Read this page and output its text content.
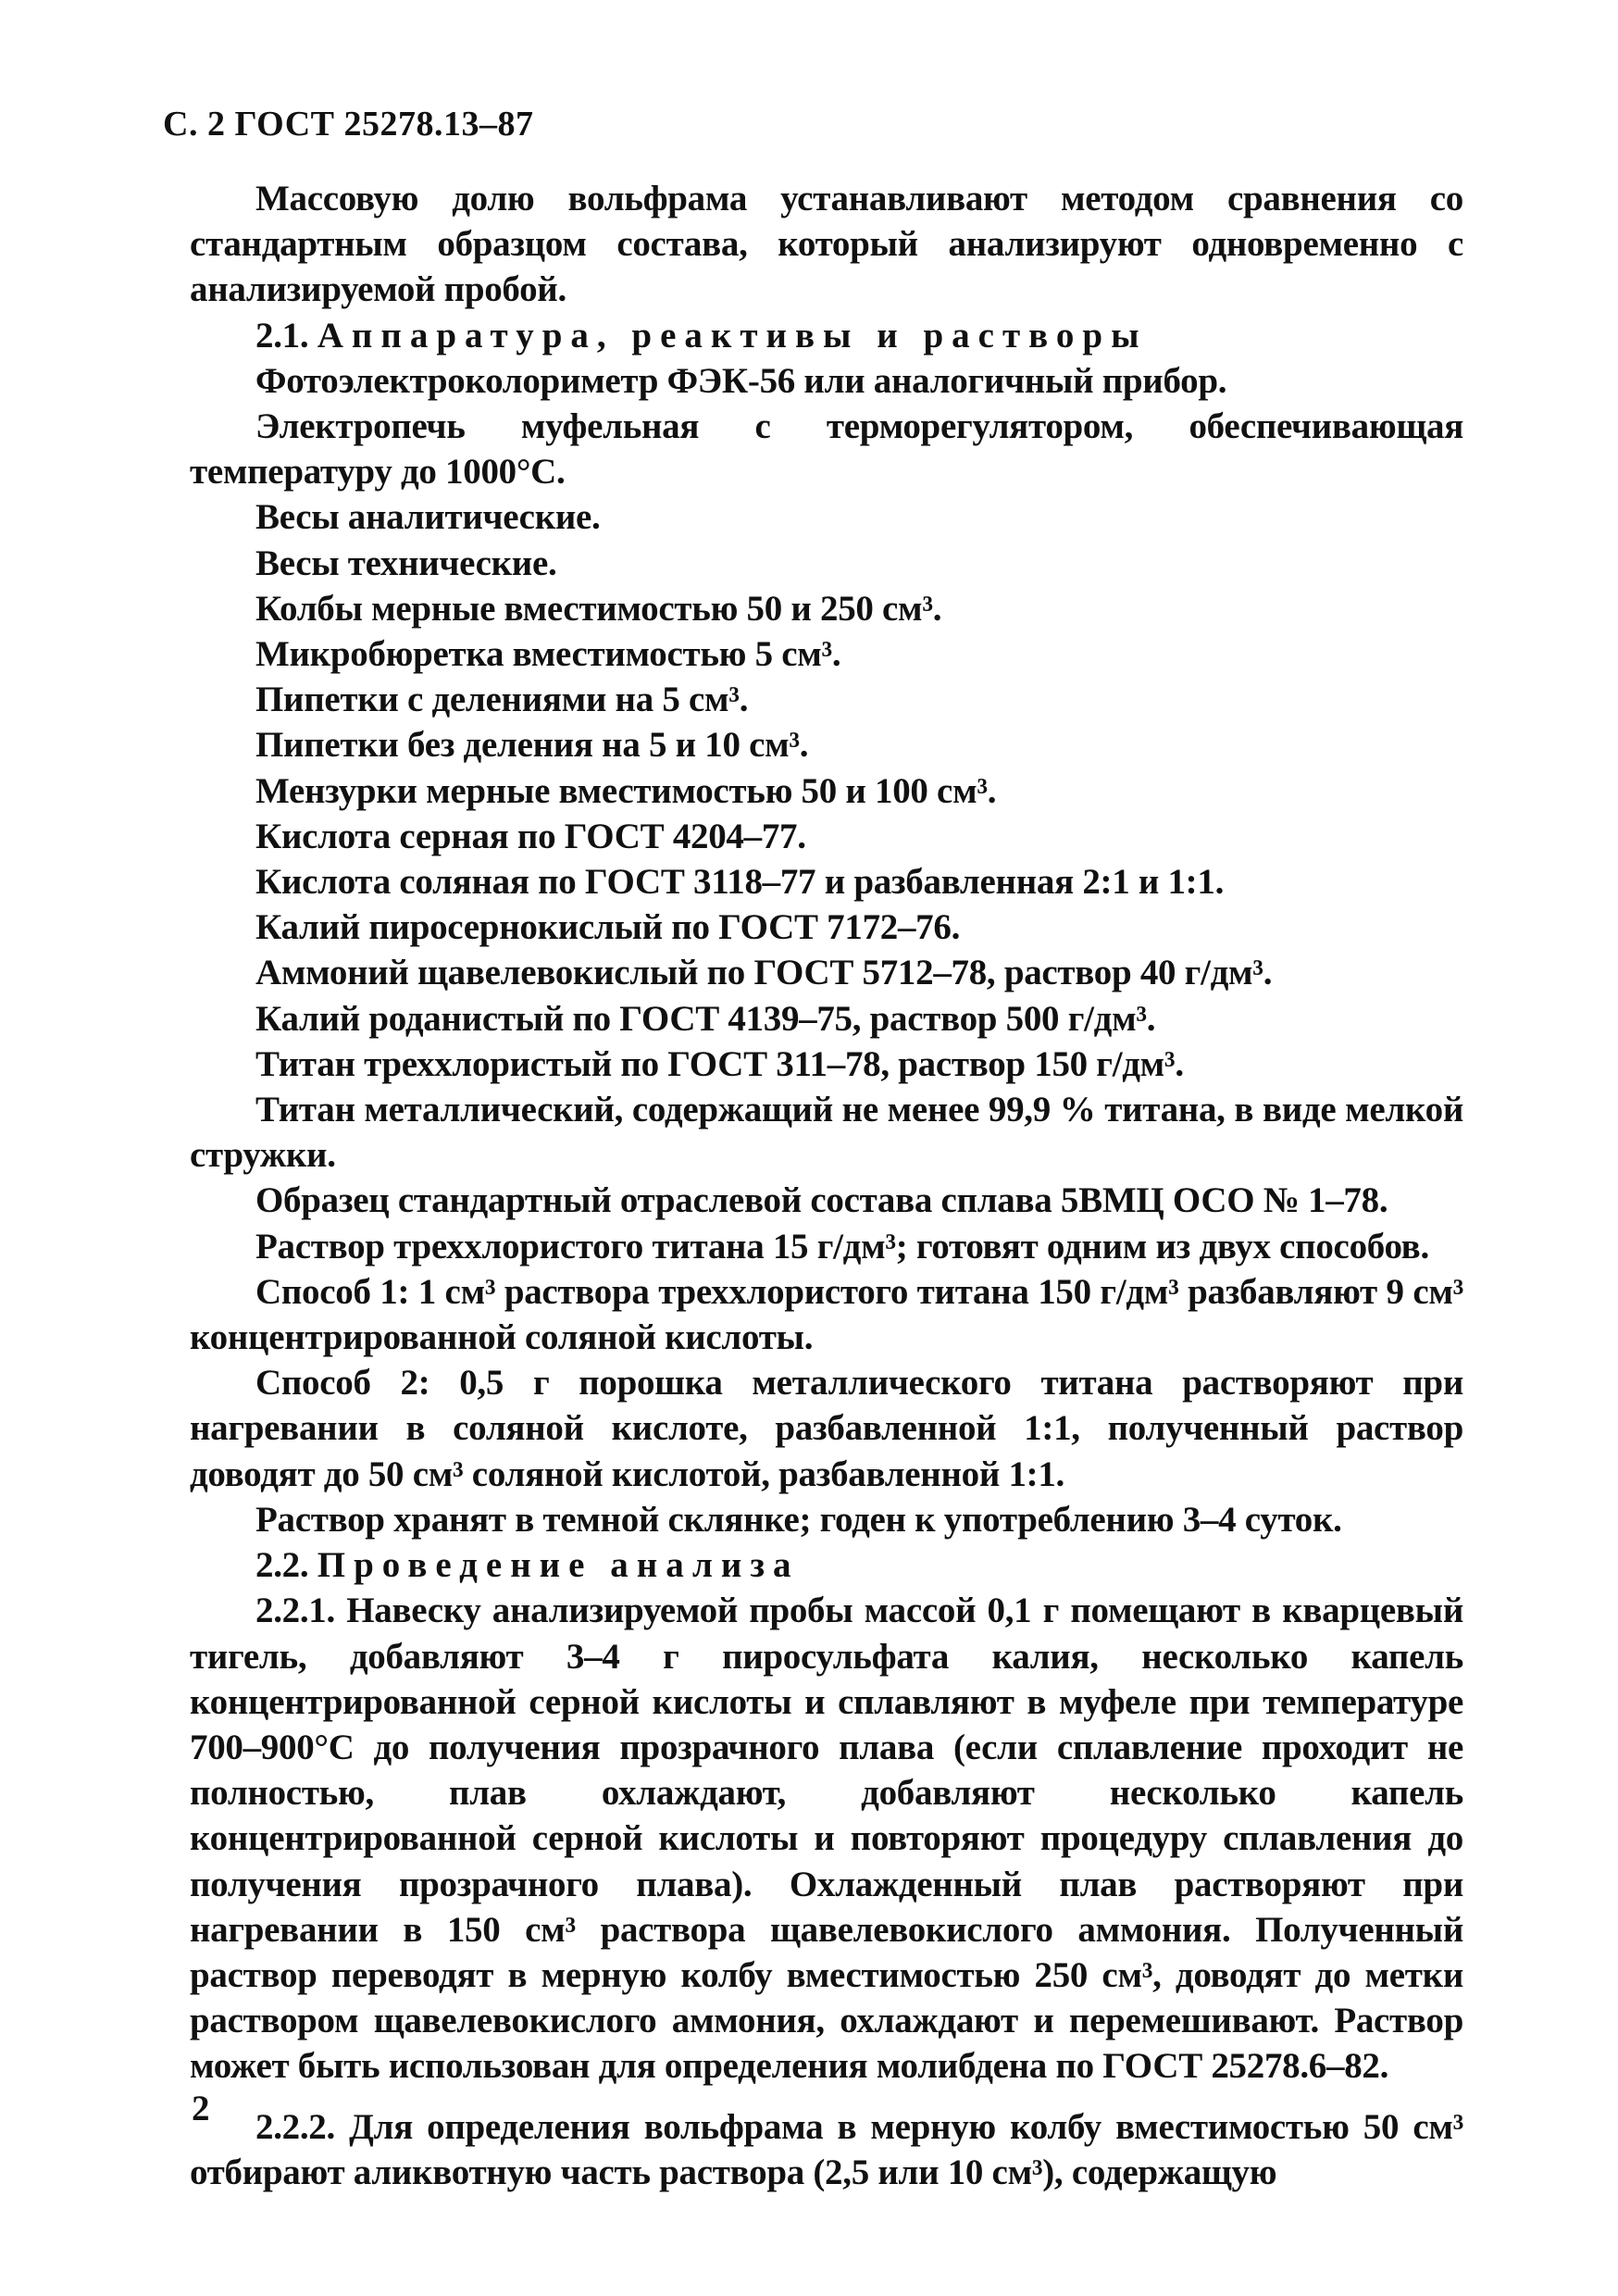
С. 2 ГОСТ 25278.13–87

Массовую долю вольфрама устанавливают методом сравнения со стандартным образцом состава, который анализируют одновременно с анализируемой пробой.

2.1. Аппаратура, реактивы и растворы

Фотоэлектроколориметр ФЭК-56 или аналогичный прибор.

Электропечь муфельная с терморегулятором, обеспечивающая температуру до 1000°С.

Весы аналитические.

Весы технические.

Колбы мерные вместимостью 50 и 250 см³.

Микробюретка вместимостью 5 см³.

Пипетки с делениями на 5 см³.

Пипетки без деления на 5 и 10 см³.

Мензурки мерные вместимостью 50 и 100 см³.

Кислота серная по ГОСТ 4204–77.

Кислота соляная по ГОСТ 3118–77 и разбавленная 2:1 и 1:1.

Калий пиросернокислый по ГОСТ 7172–76.

Аммоний щавелевокислый по ГОСТ 5712–78, раствор 40 г/дм³.

Калий роданистый по ГОСТ 4139–75, раствор 500 г/дм³.

Титан треххлористый по ГОСТ 311–78, раствор 150 г/дм³.

Титан металлический, содержащий не менее 99,9 % титана, в виде мелкой стружки.

Образец стандартный отраслевой состава сплава 5ВМЦ ОСО № 1–78.

Раствор треххлористого титана 15 г/дм³; готовят одним из двух способов.

Способ 1: 1 см³ раствора треххлористого титана 150 г/дм³ разбавляют 9 см³ концентрированной соляной кислоты.

Способ 2: 0,5 г порошка металлического титана растворяют при нагревании в соляной кислоте, разбавленной 1:1, полученный раствор доводят до 50 см³ соляной кислотой, разбавленной 1:1.

Раствор хранят в темной склянке; годен к употреблению 3–4 суток.

2.2. Проведение анализа

2.2.1. Навеску анализируемой пробы массой 0,1 г помещают в кварцевый тигель, добавляют 3–4 г пиросульфата калия, несколько капель концентрированной серной кислоты и сплавляют в муфеле при температуре 700–900°С до получения прозрачного плава (если сплавление проходит не полностью, плав охлаждают, добавляют несколько капель концентрированной серной кислоты и повторяют процедуру сплавления до получения прозрачного плава). Охлажденный плав растворяют при нагревании в 150 см³ раствора щавелевокислого аммония. Полученный раствор переводят в мерную колбу вместимостью 250 см³, доводят до метки раствором щавелевокислого аммония, охлаждают и перемешивают. Раствор может быть использован для определения молибдена по ГОСТ 25278.6–82.

2.2.2. Для определения вольфрама в мерную колбу вместимостью 50 см³ отбирают аликвотную часть раствора (2,5 или 10 см³), содержащую

2
